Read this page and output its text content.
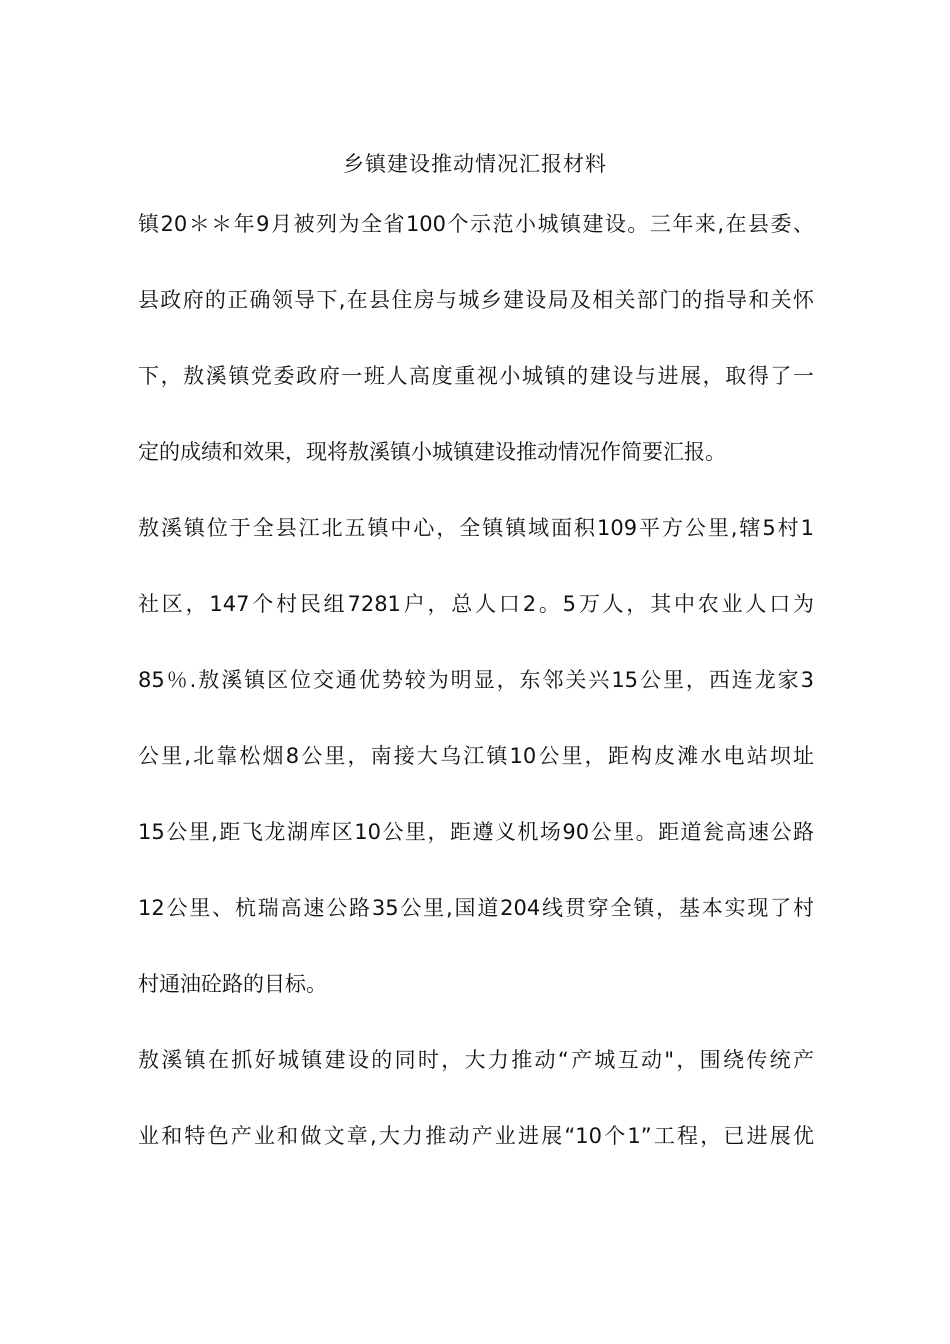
乡镇建设推动情况汇报材料
镇20＊＊年9月被列为全省100个示范小城镇建设。三年来,在县委、
县政府的正确领导下,在县住房与城乡建设局及相关部门的指导和关怀
下，敖溪镇党委政府一班人高度重视小城镇的建设与进展，取得了一
定的成绩和效果，现将敖溪镇小城镇建设推动情况作简要汇报。
敖溪镇位于全县江北五镇中心，全镇镇域面积109平方公里,辖5村1
社区，147个村民组7281户，总人口2。5万人，其中农业人口为
85％.敖溪镇区位交通优势较为明显，东邻关兴15公里，西连龙家3
公里,北靠松烟8公里，南接大乌江镇10公里，距构皮滩水电站坝址
15公里,距飞龙湖库区10公里，距遵义机场90公里。距道瓮高速公路
12公里、杭瑞高速公路35公里,国道204线贯穿全镇，基本实现了村
村通油砼路的目标。
敖溪镇在抓好城镇建设的同时，大力推动“产城互动"，围绕传统产
业和特色产业和做文章,大力推动产业进展“10个1”工程，已进展优
